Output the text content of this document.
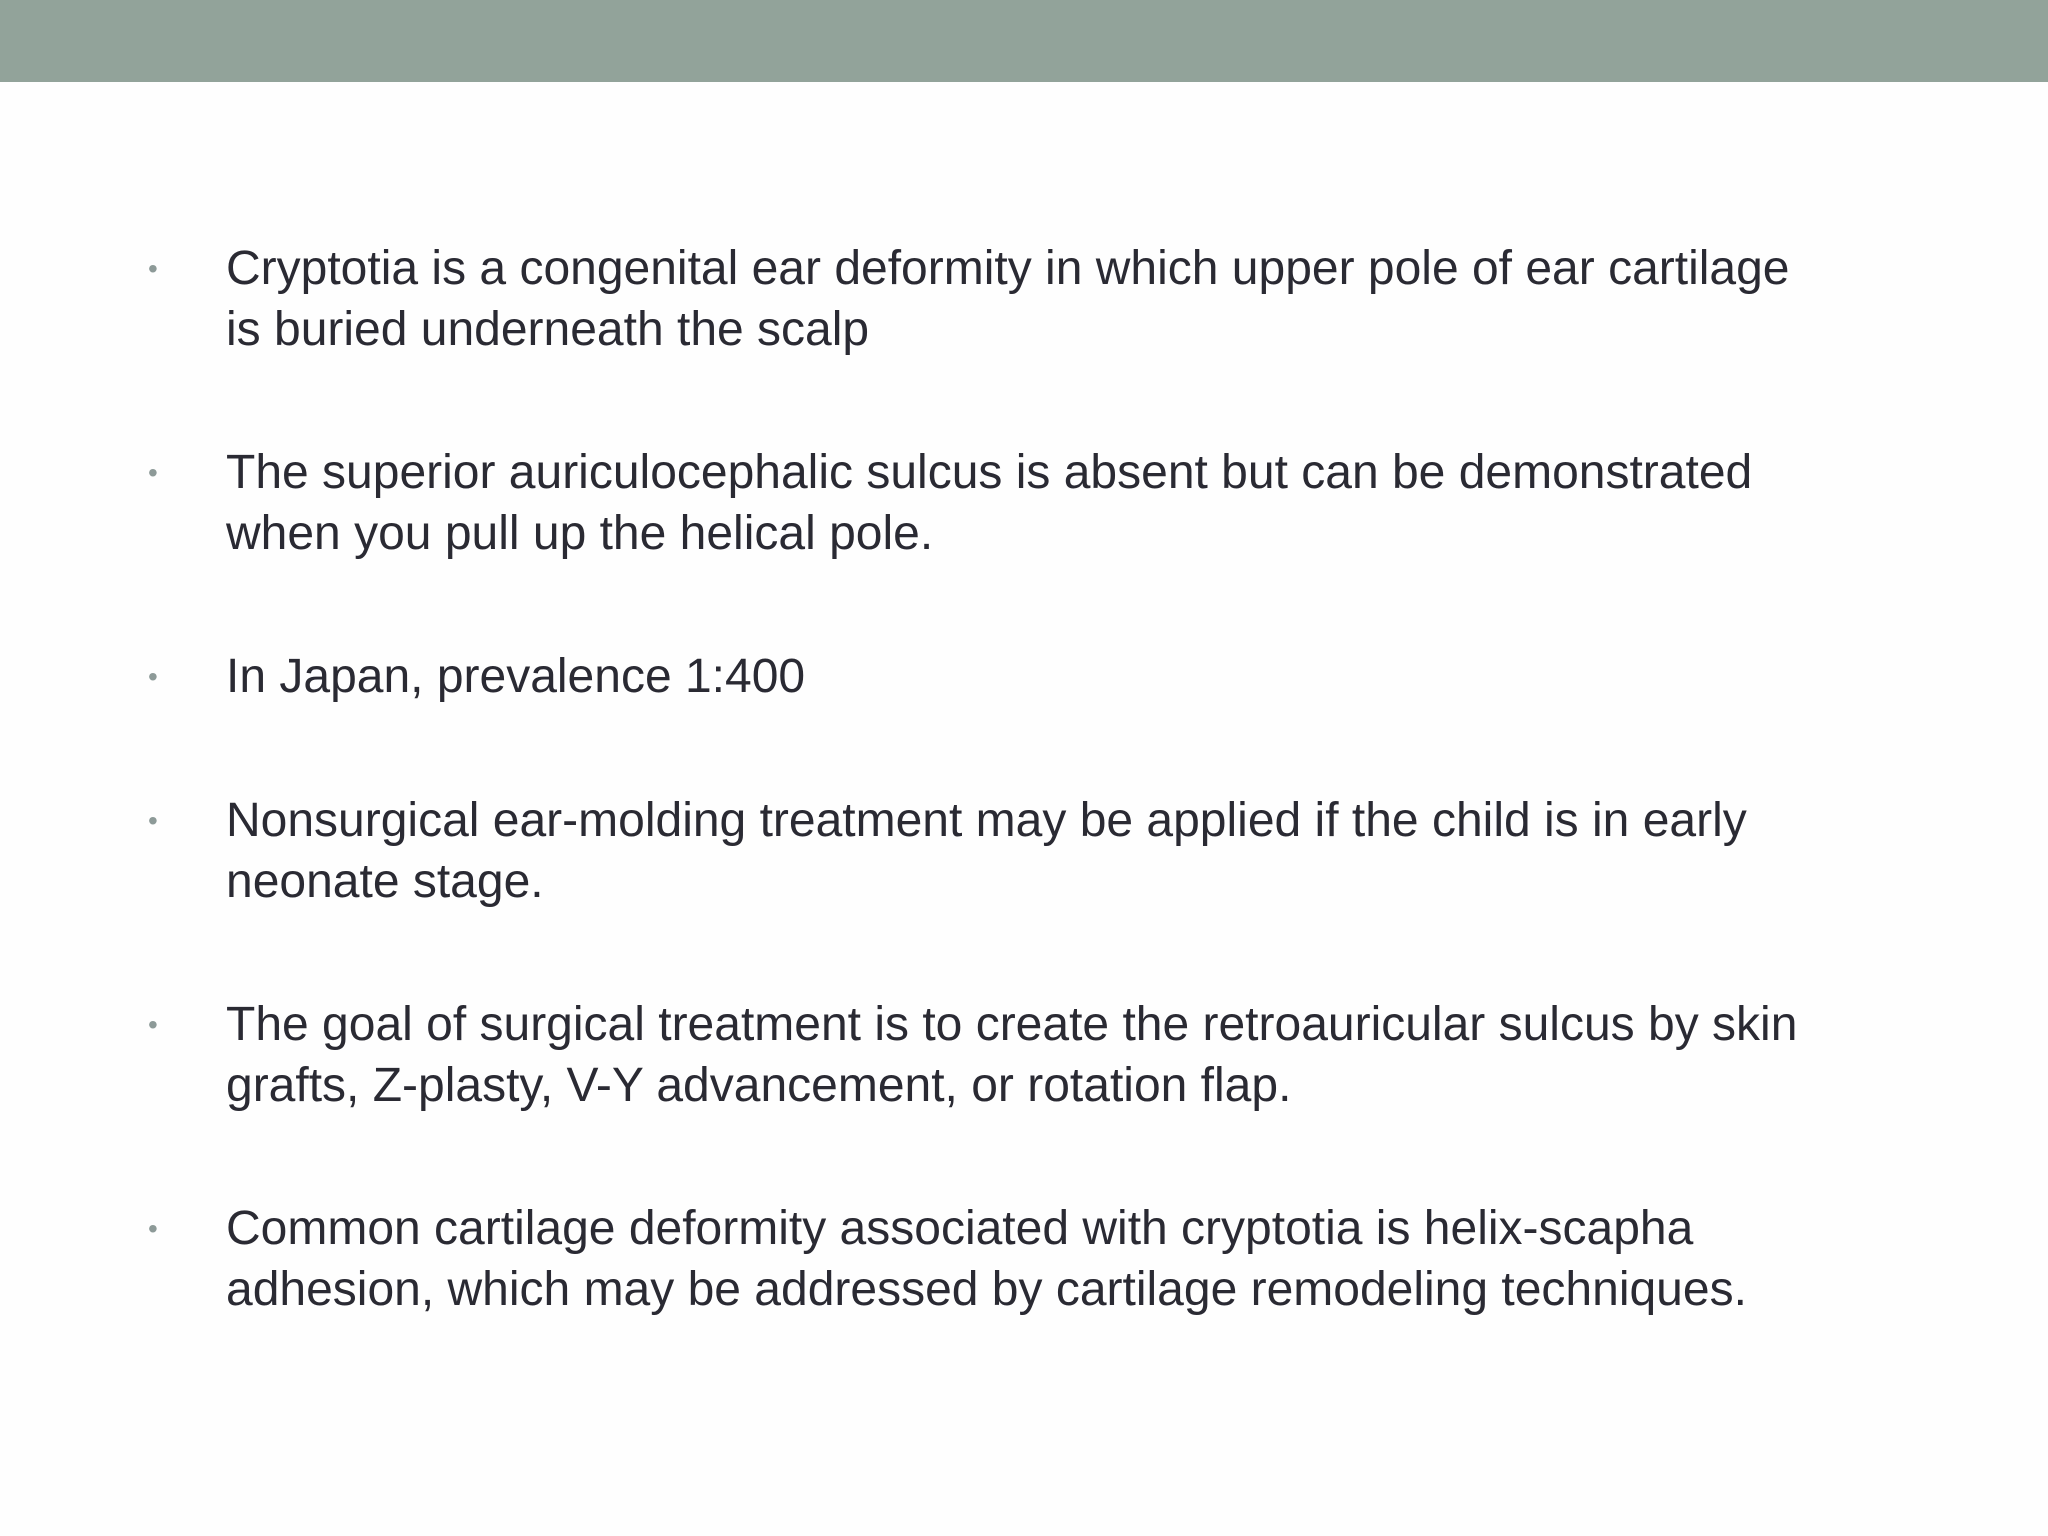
•	Cryptotia is a congenital ear deformity in which upper pole of ear cartilage
is buried underneath the scalp
•	The superior auriculocephalic sulcus is absent but can be demonstrated
when you pull up the helical pole.
•	In Japan, prevalence 1:400
•	Nonsurgical ear-molding treatment may be applied if the child is in early
neonate stage.
•	The goal of surgical treatment is to create the retroauricular sulcus by skin
grafts, Z-plasty, V-Y advancement, or rotation flap.
•	Common cartilage deformity associated with cryptotia is helix-scapha
adhesion, which may be addressed by cartilage remodeling techniques.
